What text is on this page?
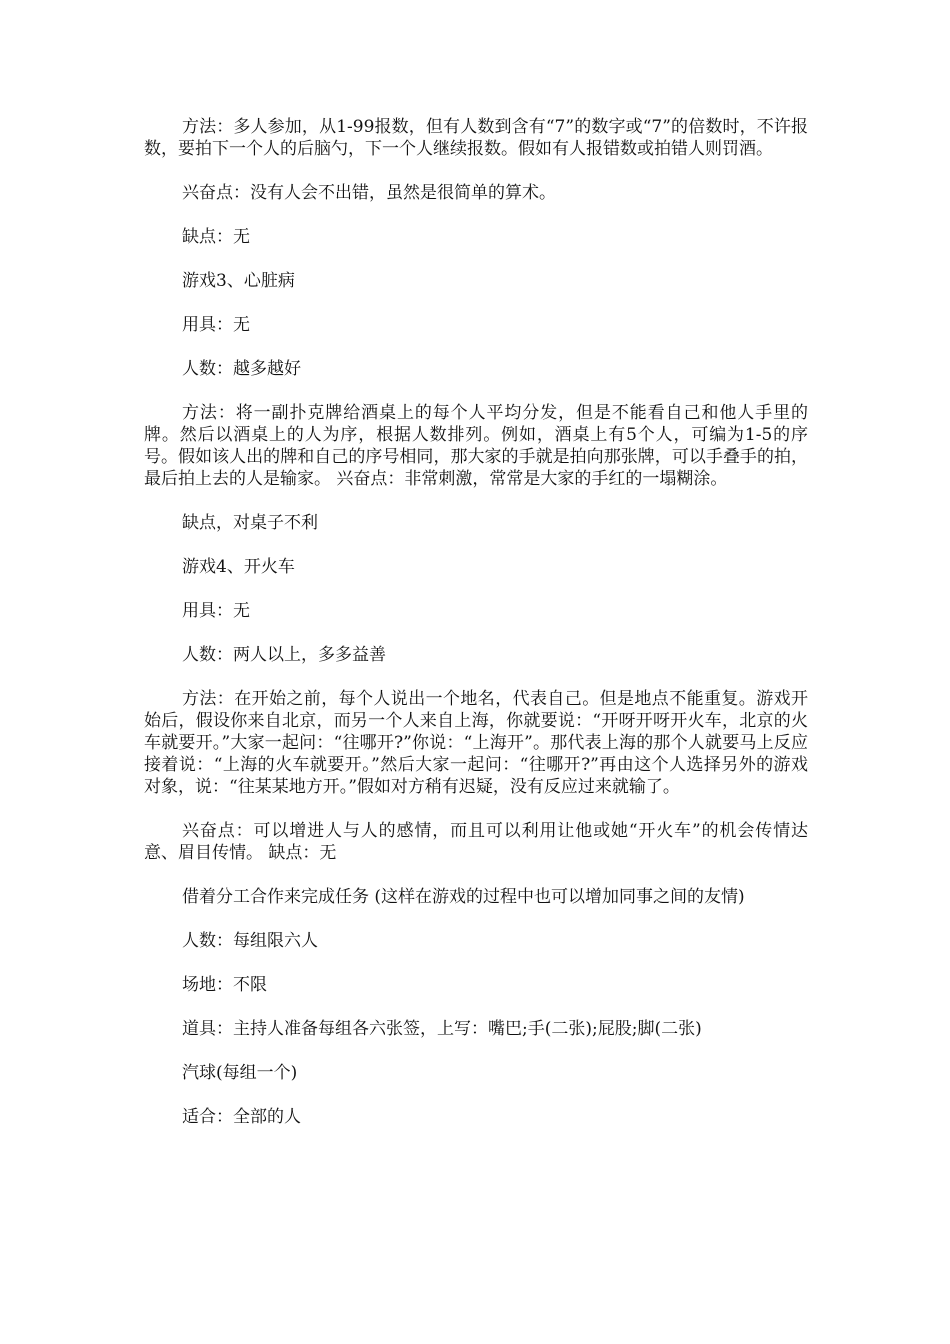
方法：多人参加，从1-99报数，但有人数到含有“7”的数字或“7”的倍数时，不许报数，要拍下一个人的后脑勺，下一个人继续报数。假如有人报错数或拍错人则罚酒。

兴奋点：没有人会不出错，虽然是很简单的算术。

缺点：无

游戏3、心脏病

用具：无

人数：越多越好

方法：将一副扑克牌给酒桌上的每个人平均分发，但是不能看自己和他人手里的牌。然后以酒桌上的人为序，根据人数排列。例如，酒桌上有5个人，可编为1-5的序号。假如该人出的牌和自己的序号相同，那大家的手就是拍向那张牌，可以手叠手的拍，最后拍上去的人是输家。 兴奋点：非常刺激，常常是大家的手红的一塌糊涂。

缺点，对桌子不利

游戏4、开火车

用具：无

人数：两人以上，多多益善

方法：在开始之前，每个人说出一个地名，代表自己。但是地点不能重复。游戏开始后，假设你来自北京，而另一个人来自上海，你就要说：“开呀开呀开火车，北京的火车就要开。”大家一起问：“往哪开?”你说：“上海开”。那代表上海的那个人就要马上反应接着说：“上海的火车就要开。”然后大家一起问：“往哪开?”再由这个人选择另外的游戏对象，说：“往某某地方开。”假如对方稍有迟疑，没有反应过来就输了。

兴奋点：可以增进人与人的感情，而且可以利用让他或她“开火车”的机会传情达意、眉目传情。 缺点：无

借着分工合作来完成任务 (这样在游戏的过程中也可以增加同事之间的友情)

人数：每组限六人

场地：不限

道具：主持人准备每组各六张签，上写：嘴巴;手(二张);屁股;脚(二张)

汽球(每组一个)

适合：全部的人
